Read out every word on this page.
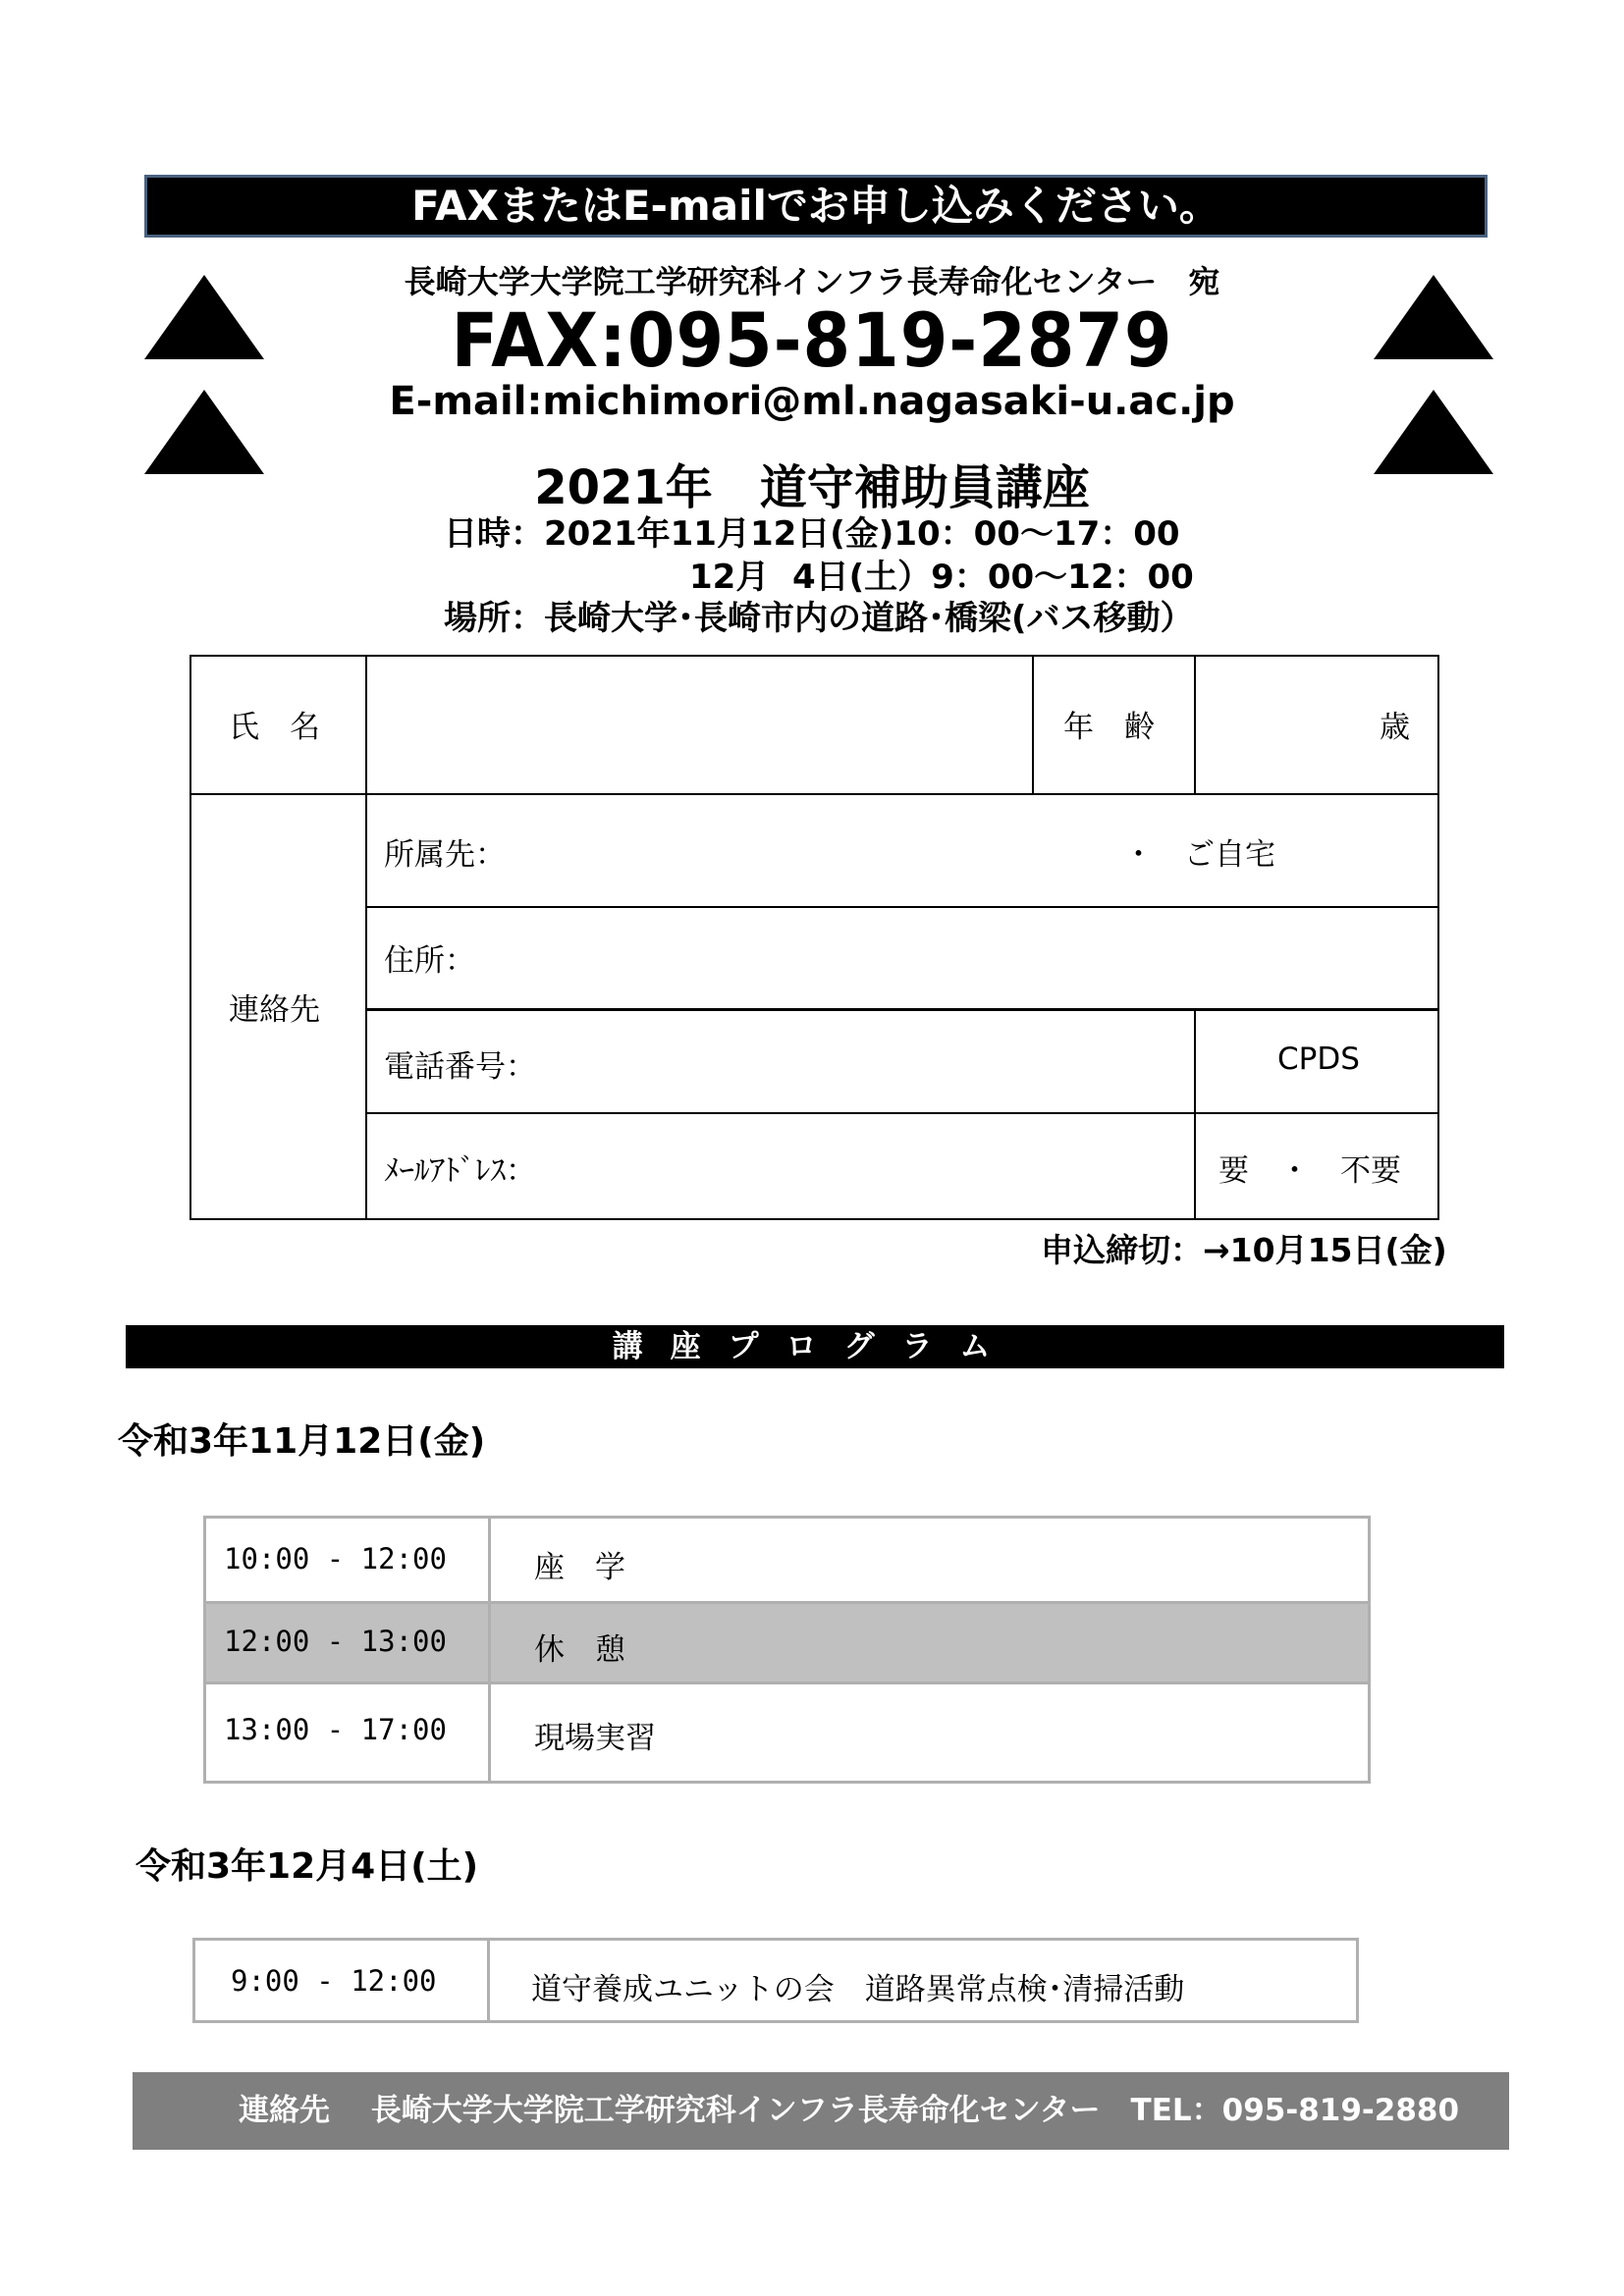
FAXまたはE-mailでお申し込みください。
長崎大学大学院工学研究科インフラ長寿命化センター　宛
FAX:095-819-2879
E-mail:michimori@ml.nagasaki-u.ac.jp
2021年　道守補助員講座
日時：2021年11月12日(金)10：00～17：00
12月  4日(土）9：00～12：00
場所：長崎大学･長崎市内の道路･橋梁(バス移動）
氏　名	年　齢	歳
連絡先
所属先：	・　ご自宅
住所：
電話番号：	CPDS
ﾒｰﾙｱﾄﾞﾚｽ：	要　・　不要
申込締切：→10月15日(金)
講座プログラム
令和3年11月12日(金)
10:00 - 12:00	座　学
12:00 - 13:00	休　憩
13:00 - 17:00	現場実習
令和3年12月4日(土)
9:00 - 12:00	道守養成ユニットの会　道路異常点検･清掃活動
連絡先　 長崎大学大学院工学研究科インフラ長寿命化センター　TEL：095-819-2880
